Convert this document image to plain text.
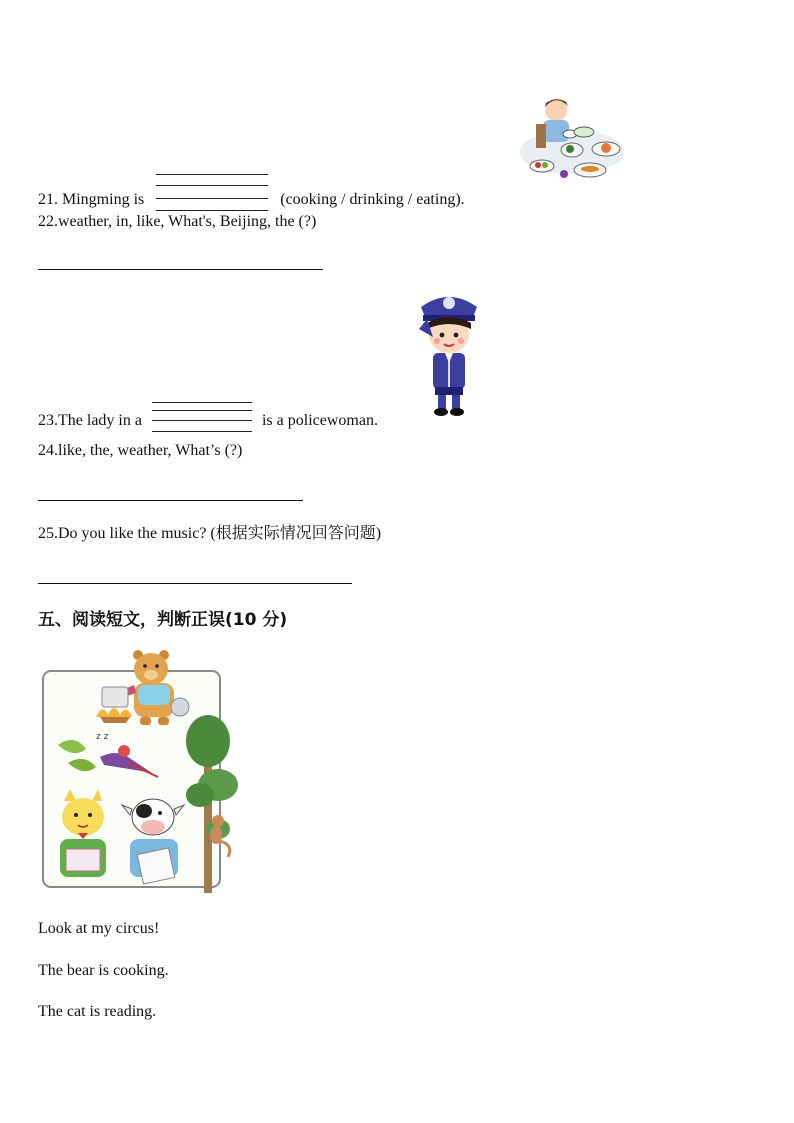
21. Mingming is	(cooking / drinking / eating).
22.weather, in, like, What's, Beijing, the (?)
23.The lady in a	is a policewoman.
24.like, the, weather, What’s (?)
25.Do you like the music? (根据实际情况回答问题)
五、阅读短文，判断正误(10 分)
z z
Look at my circus!
The bear is cooking.
The cat is reading.
